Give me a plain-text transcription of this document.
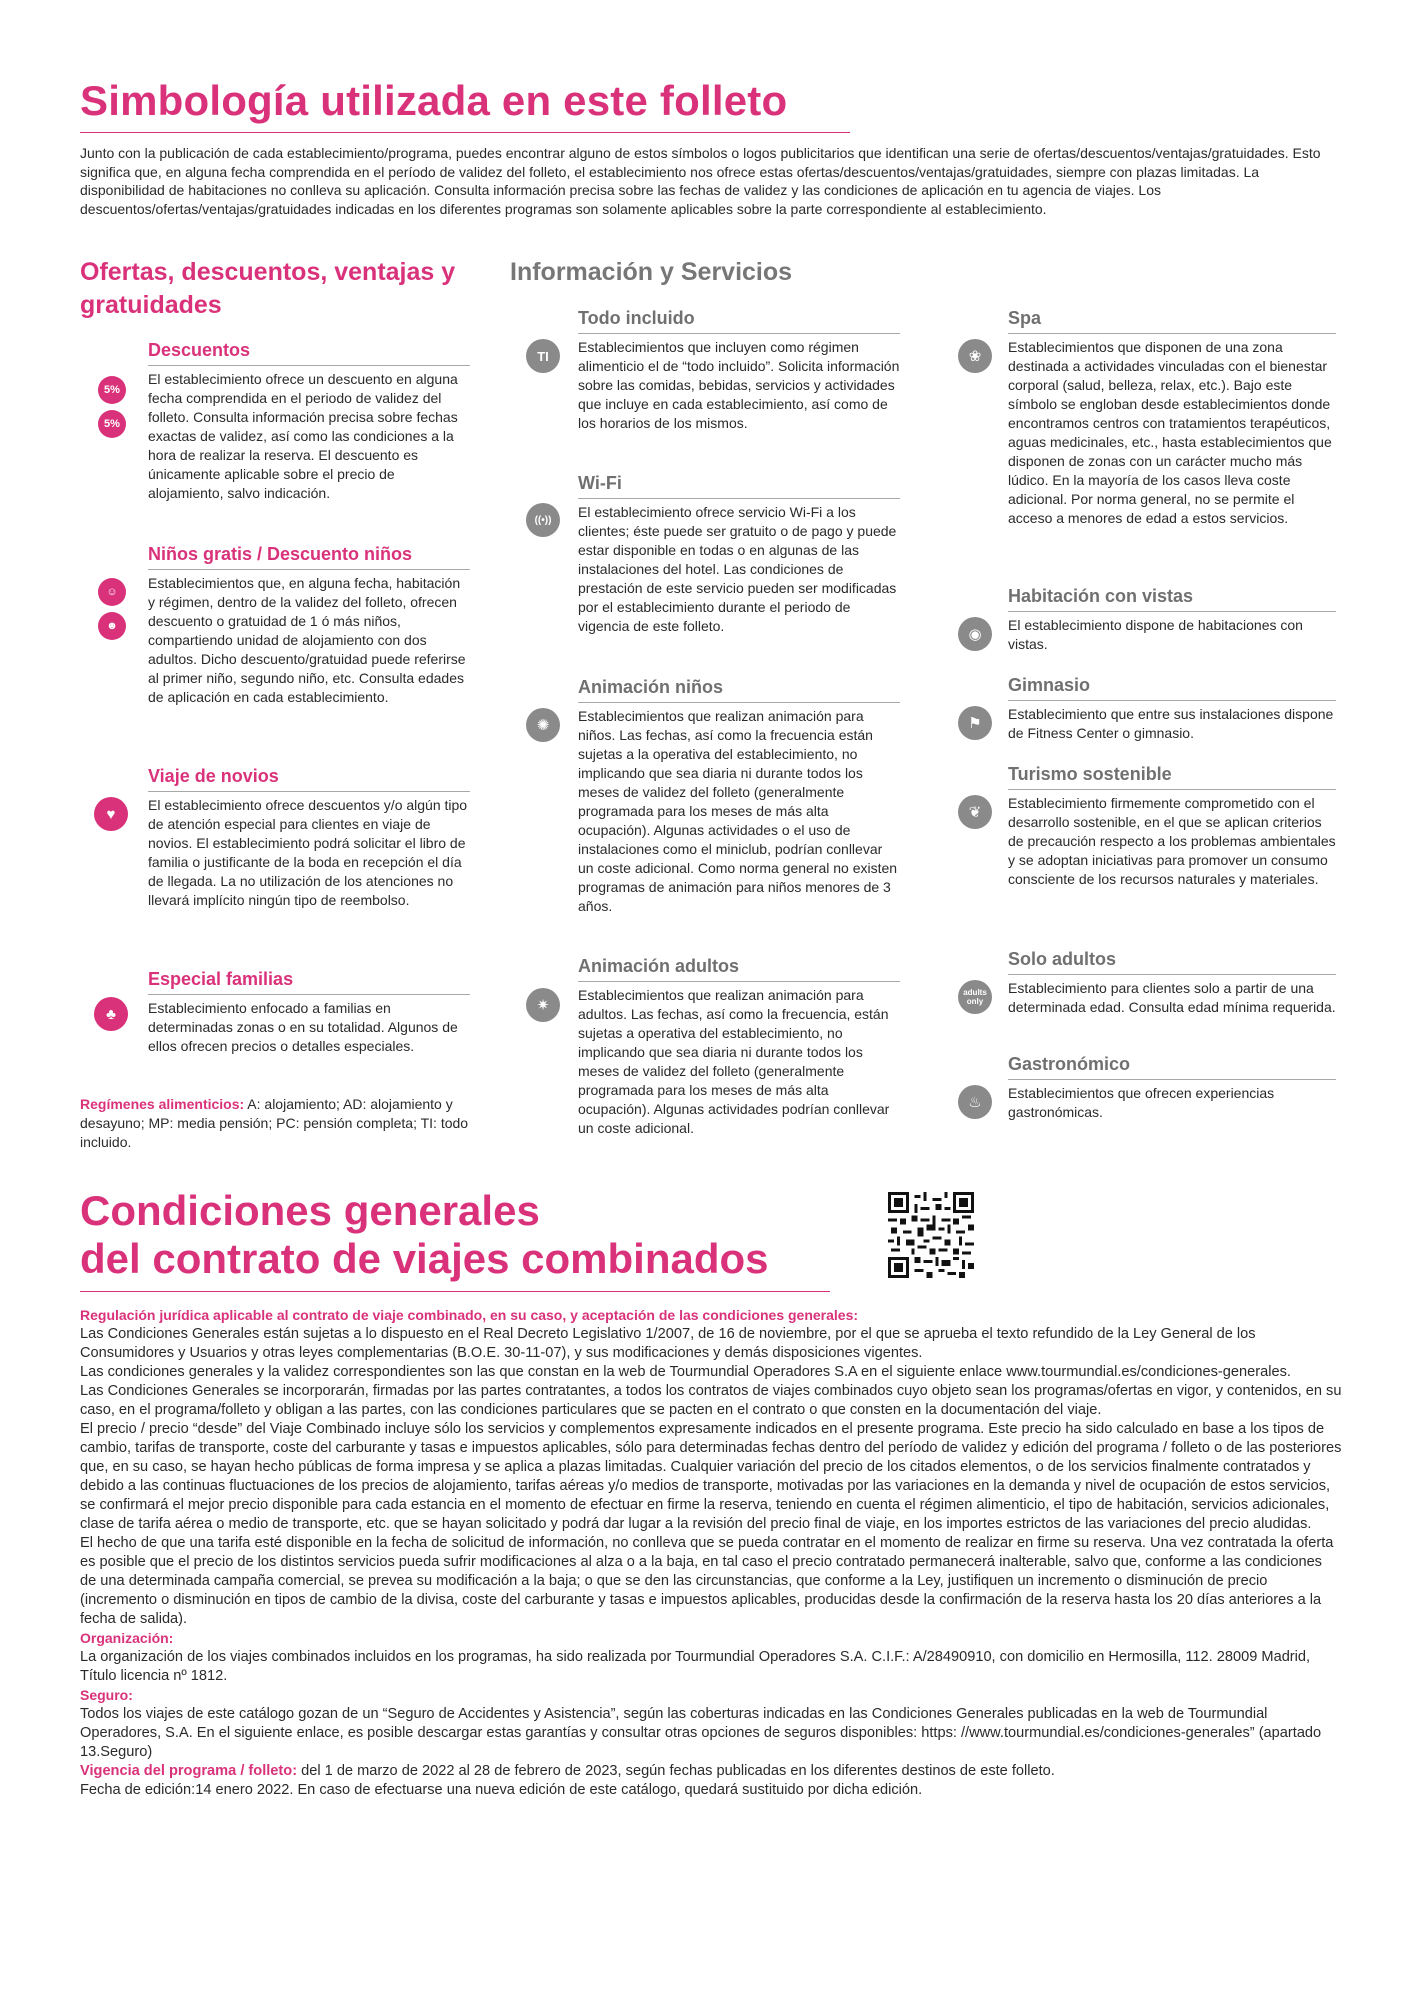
Simbología utilizada en este folleto
Junto con la publicación de cada establecimiento/programa, puedes encontrar alguno de estos símbolos o logos publicitarios que identifican una serie de ofertas/descuentos/ventajas/gratuidades. Esto significa que, en alguna fecha comprendida en el período de validez del folleto, el establecimiento nos ofrece estas ofertas/descuentos/ventajas/gratuidades, siempre con plazas limitadas. La disponibilidad de habitaciones no conlleva su aplicación. Consulta información precisa sobre las fechas de validez y las condiciones de aplicación en tu agencia de viajes. Los descuentos/ofertas/ventajas/gratuidades indicadas en los diferentes programas son solamente aplicables sobre la parte correspondiente al establecimiento.
Ofertas, descuentos, ventajas y gratuidades
Información y Servicios
5%
5%
Descuentos
El establecimiento ofrece un descuento en alguna fecha comprendida en el periodo de validez del folleto. Consulta información precisa sobre fechas exactas de validez, así como las condiciones a la hora de realizar la reserva. El descuento es únicamente aplicable sobre el precio de alojamiento, salvo indicación.
☺
☻
Niños gratis / Descuento niños
Establecimientos que, en alguna fecha, habitación y régimen, dentro de la validez del folleto, ofrecen descuento o gratuidad de 1 ó más niños, compartiendo unidad de alojamiento con dos adultos. Dicho descuento/gratuidad puede referirse al primer niño, segundo niño, etc. Consulta edades de aplicación en cada establecimiento.
♥
Viaje de novios
El establecimiento ofrece descuentos y/o algún tipo de atención especial para clientes en viaje de novios. El establecimiento podrá solicitar el libro de familia o justificante de la boda en recepción el día de llegada. La no utilización de los atenciones no llevará implícito ningún tipo de reembolso.
♣
Especial familias
Establecimiento enfocado a familias en determinadas zonas o en su totalidad. Algunos de ellos ofrecen precios o detalles especiales.
Regímenes alimenticios: A: alojamiento; AD: alojamiento y desayuno; MP: media pensión; PC: pensión completa; TI: todo incluido.
TI
Todo incluido
Establecimientos que incluyen como régimen alimenticio el de “todo incluido”. Solicita información sobre las comidas, bebidas, servicios y actividades que incluye en cada establecimiento, así como de los horarios de los mismos.
((•))
Wi-Fi
El establecimiento ofrece servicio Wi-Fi a los clientes; éste puede ser gratuito o de pago y puede estar disponible en todas o en algunas de las instalaciones del hotel. Las condiciones de prestación de este servicio pueden ser modificadas por el establecimiento durante el periodo de vigencia de este folleto.
✺
Animación niños
Establecimientos que realizan animación para niños. Las fechas, así como la frecuencia están sujetas a la operativa del establecimiento, no implicando que sea diaria ni durante todos los meses de validez del folleto (generalmente programada para los meses de más alta ocupación). Algunas actividades o el uso de instalaciones como el miniclub, podrían conllevar un coste adicional. Como norma general no existen programas de animación para niños menores de 3 años.
✷
Animación adultos
Establecimientos que realizan animación para adultos. Las fechas, así como la frecuencia, están sujetas a operativa del establecimiento, no implicando que sea diaria ni durante todos los meses de validez del folleto (generalmente programada para los meses de más alta ocupación). Algunas actividades podrían conllevar un coste adicional.
❀
Spa
Establecimientos que disponen de una zona destinada a actividades vinculadas con el bienestar corporal (salud, belleza, relax, etc.). Bajo este símbolo se engloban desde establecimientos donde encontramos centros con tratamientos terapéuticos, aguas medicinales, etc., hasta establecimientos que disponen de zonas con un carácter mucho más lúdico. En la mayoría de los casos lleva coste adicional. Por norma general, no se permite el acceso a menores de edad a estos servicios.
◉
Habitación con vistas
El establecimiento dispone de habitaciones con vistas.
⚑
Gimnasio
Establecimiento que entre sus instalaciones dispone de Fitness Center o gimnasio.
❦
Turismo sostenible
Establecimiento firmemente comprometido con el desarrollo sostenible, en el que se aplican criterios de precaución respecto a los problemas ambientales y se adoptan iniciativas para promover un consumo consciente de los recursos naturales y materiales.
adults only
Solo adultos
Establecimiento para clientes solo a partir de una determinada edad. Consulta edad mínima requerida.
♨
Gastronómico
Establecimientos que ofrecen experiencias gastronómicas.
Condiciones generales
del contrato de viajes combinados

Regulación jurídica aplicable al contrato de viaje combinado, en su caso, y aceptación de las condiciones generales:

Las Condiciones Generales están sujetas a lo dispuesto en el Real Decreto Legislativo 1/2007, de 16 de noviembre, por el que se aprueba el texto refundido de la Ley General de los Consumidores y Usuarios y otras leyes complementarias (B.O.E. 30-11-07), y sus modificaciones y demás disposiciones vigentes.

Las condiciones generales y la validez correspondientes son las que constan en la web de Tourmundial Operadores S.A en el siguiente enlace www.tourmundial.es/condiciones-generales.

Las Condiciones Generales se incorporarán, firmadas por las partes contratantes, a todos los contratos de viajes combinados cuyo objeto sean los programas/ofertas en vigor, y contenidos, en su caso, en el programa/folleto y obligan a las partes, con las condiciones particulares que se pacten en el contrato o que consten en la documentación del viaje.

El precio / precio “desde” del Viaje Combinado incluye sólo los servicios y complementos expresamente indicados en el presente programa. Este precio ha sido calculado en base a los tipos de cambio, tarifas de transporte, coste del carburante y tasas e impuestos aplicables, sólo para determinadas fechas dentro del período de validez y edición del programa / folleto o de las posteriores que, en su caso, se hayan hecho públicas de forma impresa y se aplica a plazas limitadas. Cualquier variación del precio de los citados elementos, o de los servicios finalmente contratados y debido a las continuas fluctuaciones de los precios de alojamiento, tarifas aéreas y/o medios de transporte, motivadas por las variaciones en la demanda y nivel de ocupación de estos servicios, se confirmará el mejor precio disponible para cada estancia en el momento de efectuar en firme la reserva, teniendo en cuenta el régimen alimenticio, el tipo de habitación, servicios adicionales, clase de tarifa aérea o medio de transporte, etc. que se hayan solicitado y podrá dar lugar a la revisión del precio final de viaje, en los importes estrictos de las variaciones del precio aludidas.

El hecho de que una tarifa esté disponible en la fecha de solicitud de información, no conlleva que se pueda contratar en el momento de realizar en firme su reserva. Una vez contratada la oferta es posible que el precio de los distintos servicios pueda sufrir modificaciones al alza o a la baja, en tal caso el precio contratado permanecerá inalterable, salvo que, conforme a las condiciones de una determinada campaña comercial, se prevea su modificación a la baja; o que se den las circunstancias, que conforme a la Ley, justifiquen un incremento o disminución de precio (incremento o disminución en tipos de cambio de la divisa, coste del carburante y tasas e impuestos aplicables, producidas desde la confirmación de la reserva hasta los 20 días anteriores a la fecha de salida).

Organización:

La organización de los viajes combinados incluidos en los programas, ha sido realizada por Tourmundial Operadores S.A. C.I.F.: A/28490910, con domicilio en Hermosilla, 112. 28009 Madrid, Título licencia nº 1812.

Seguro:

Todos los viajes de este catálogo gozan de un “Seguro de Accidentes y Asistencia”, según las coberturas indicadas en las Condiciones Generales publicadas en la web de Tourmundial Operadores, S.A. En el siguiente enlace, es posible descargar estas garantías y consultar otras opciones de seguros disponibles: https: //www.tourmundial.es/condiciones-generales” (apartado 13.Seguro)

Vigencia del programa / folleto: del 1 de marzo de 2022 al 28 de febrero de 2023, según fechas publicadas en los diferentes destinos de este folleto.

Fecha de edición:14 enero 2022. En caso de efectuarse una nueva edición de este catálogo, quedará sustituido por dicha edición.
